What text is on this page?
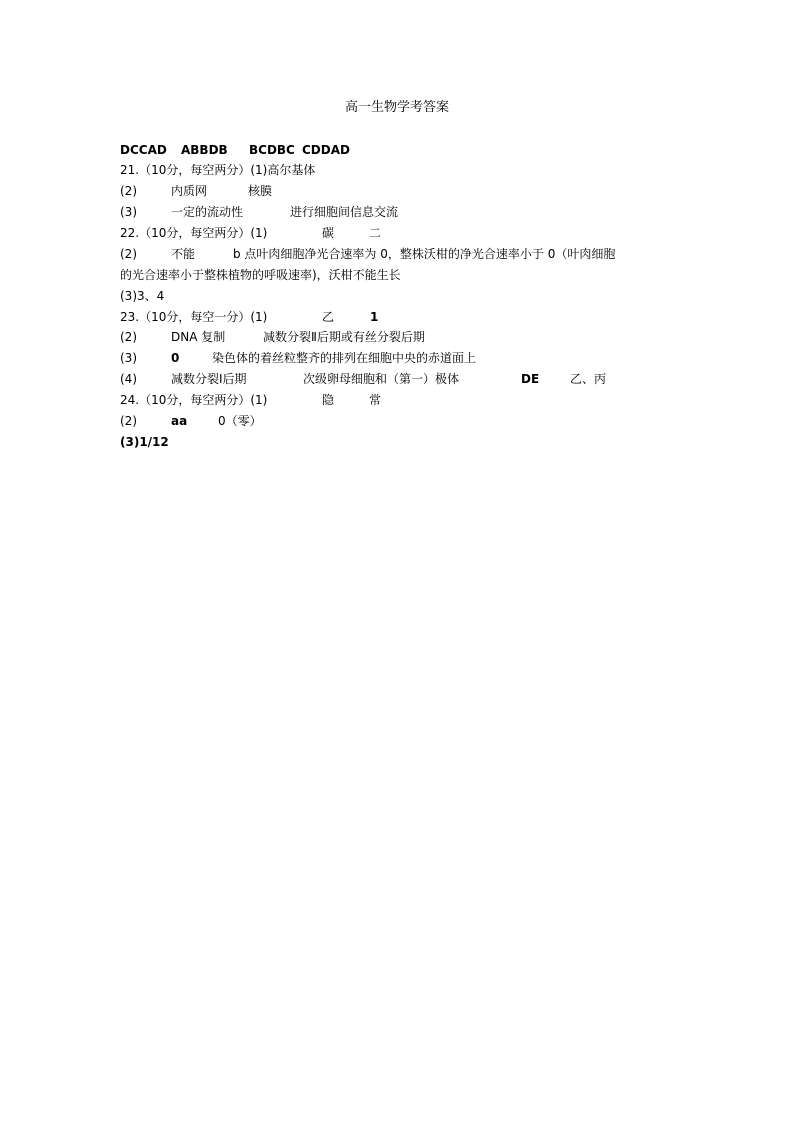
高一生物学考答案
DCCAD ABBDB BCDBC CDDAD
21.（10分，每空两分）(1)高尔基体
(2)	内质网	核膜
(3)	一定的流动性	进行细胞间信息交流
22.（10分，每空两分）(1)	碳	二
(2)	不能	b 点叶肉细胞净光合速率为 0，整株沃柑的净光合速率小于 0（叶肉细胞
的光合速率小于整株植物的呼吸速率)，沃柑不能生长
(3)3、4
23.（10分，每空一分）(1)	乙	1
(2)	DNA 复制	减数分裂Ⅱ后期或有丝分裂后期
(3)	0	染色体的着丝粒整齐的排列在细胞中央的赤道面上
(4)	减数分裂Ⅰ后期	次级卵母细胞和（第一）极体	DE	乙、丙
24.（10分，每空两分）(1)	隐	常
(2)	aa	0（零）
(3)1/12
